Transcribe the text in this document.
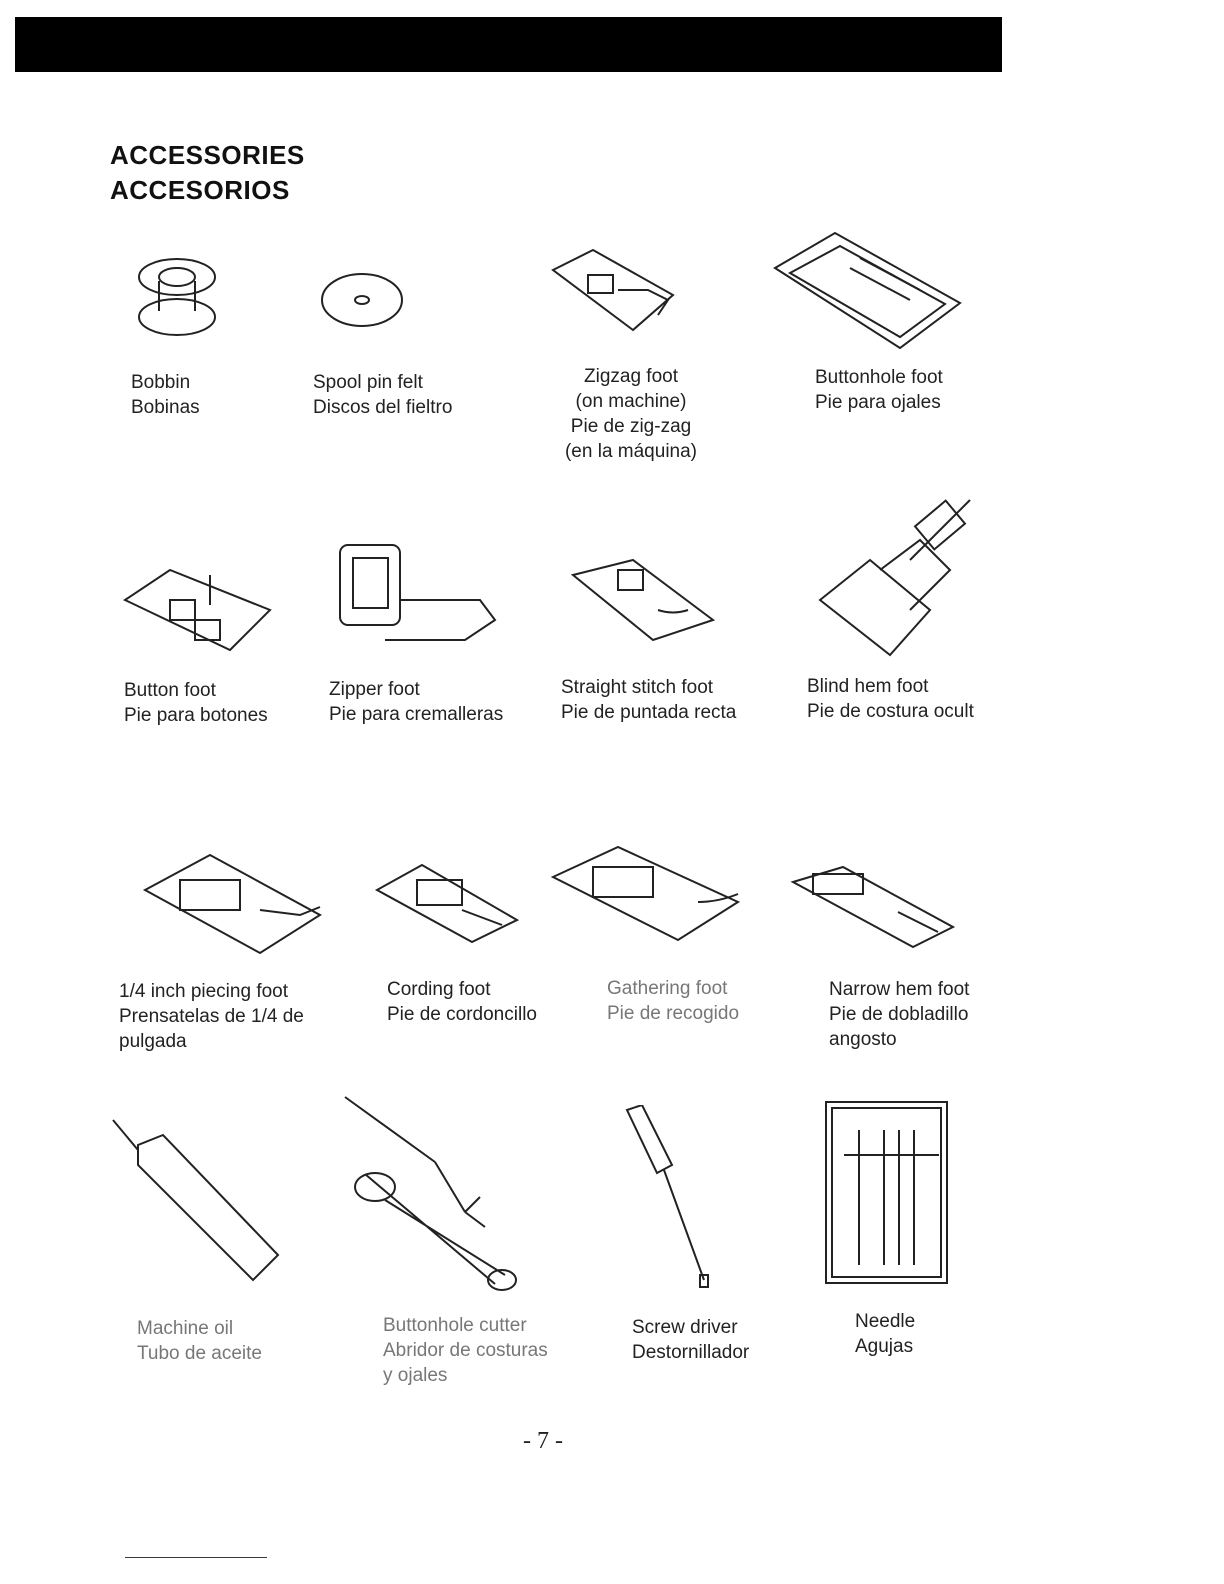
ACCESSORIES
ACCESORIOS
Bobbin
Bobinas
Spool pin felt
Discos del fieltro
Zigzag foot
(on machine)
Pie de zig-zag
(en la máquina)
Buttonhole foot
Pie para ojales
Button foot
Pie para botones
Zipper foot
Pie para cremalleras
Straight stitch foot
Pie de puntada recta
Blind hem foot
Pie de costura ocult
1/4 inch piecing foot
Prensatelas de 1/4 de
pulgada
Cording foot
Pie de cordoncillo
Gathering foot
Pie de recogido
Narrow hem foot
Pie de dobladillo
angosto
Machine oil
Tubo de aceite
Buttonhole cutter
Abridor de costuras
y ojales
Screw driver
Destornillador
Needle
Agujas
- 7 -
